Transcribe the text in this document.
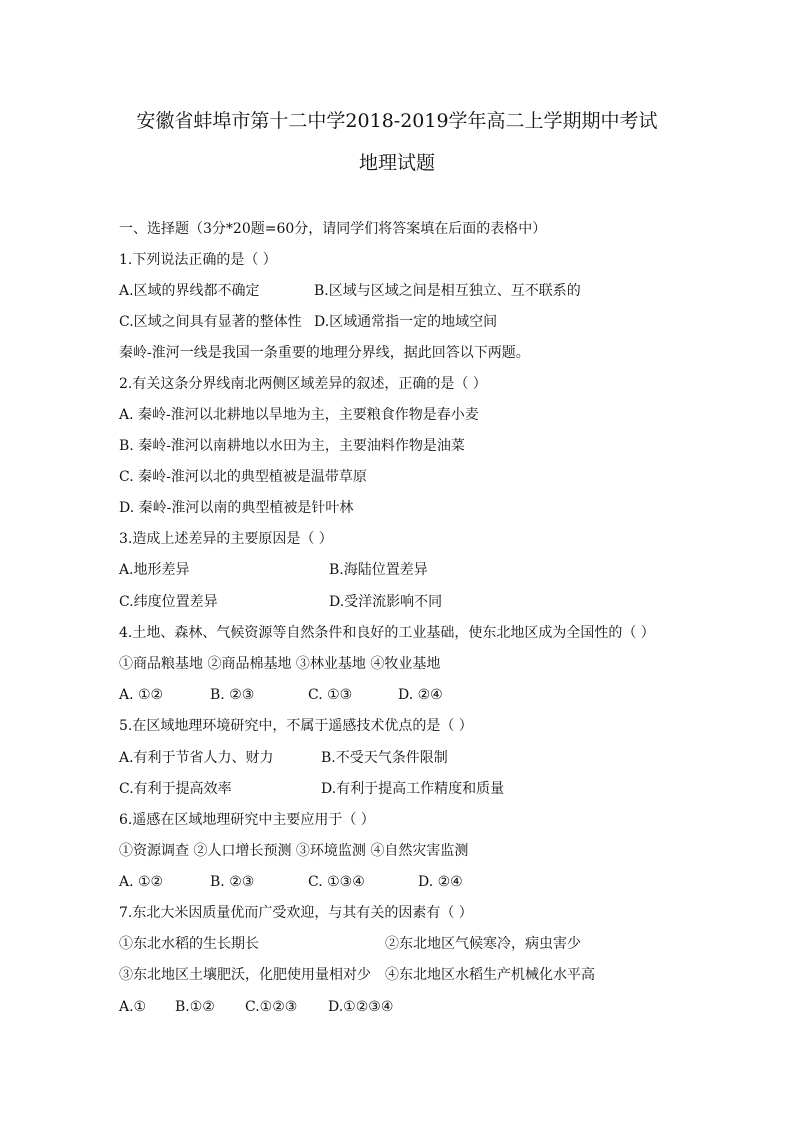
安徽省蚌埠市第十二中学2018-2019学年高二上学期期中考试
地理试题
一、选择题（3分*20题=60分，请同学们将答案填在后面的表格中）
1.下列说法正确的是（ ）
A.区域的界线都不确定	B.区域与区域之间是相互独立、互不联系的
C.区域之间具有显著的整体性 D.区域通常指一定的地域空间
秦岭-淮河一线是我国一条重要的地理分界线，据此回答以下两题。
2.有关这条分界线南北两侧区域差异的叙述，正确的是（ ）
A. 秦岭-淮河以北耕地以旱地为主，主要粮食作物是春小麦
B. 秦岭-淮河以南耕地以水田为主，主要油料作物是油菜
C. 秦岭-淮河以北的典型植被是温带草原
D. 秦岭-淮河以南的典型植被是针叶林
3.造成上述差异的主要原因是（ ）
A.地形差异	B.海陆位置差异
C.纬度位置差异	D.受洋流影响不同
4.土地、森林、气候资源等自然条件和良好的工业基础，使东北地区成为全国性的（ ）
①商品粮基地 ②商品棉基地 ③林业基地 ④牧业基地
A. ①②	B. ②③	C. ①③	D. ②④
5.在区域地理环境研究中，不属于遥感技术优点的是（ ）
A.有利于节省人力、财力	B.不受天气条件限制
C.有利于提高效率	D.有利于提高工作精度和质量
6.遥感在区域地理研究中主要应用于（ ）
①资源调查 ②人口增长预测 ③环境监测 ④自然灾害监测
A. ①②	B. ②③	C. ①③④	D. ②④
7.东北大米因质量优而广受欢迎，与其有关的因素有（ ）
①东北水稻的生长期长	②东北地区气候寒冷，病虫害少
③东北地区土壤肥沃，化肥使用量相对少 ④东北地区水稻生产机械化水平高
A.① B.①② C.①②③ D.①②③④
